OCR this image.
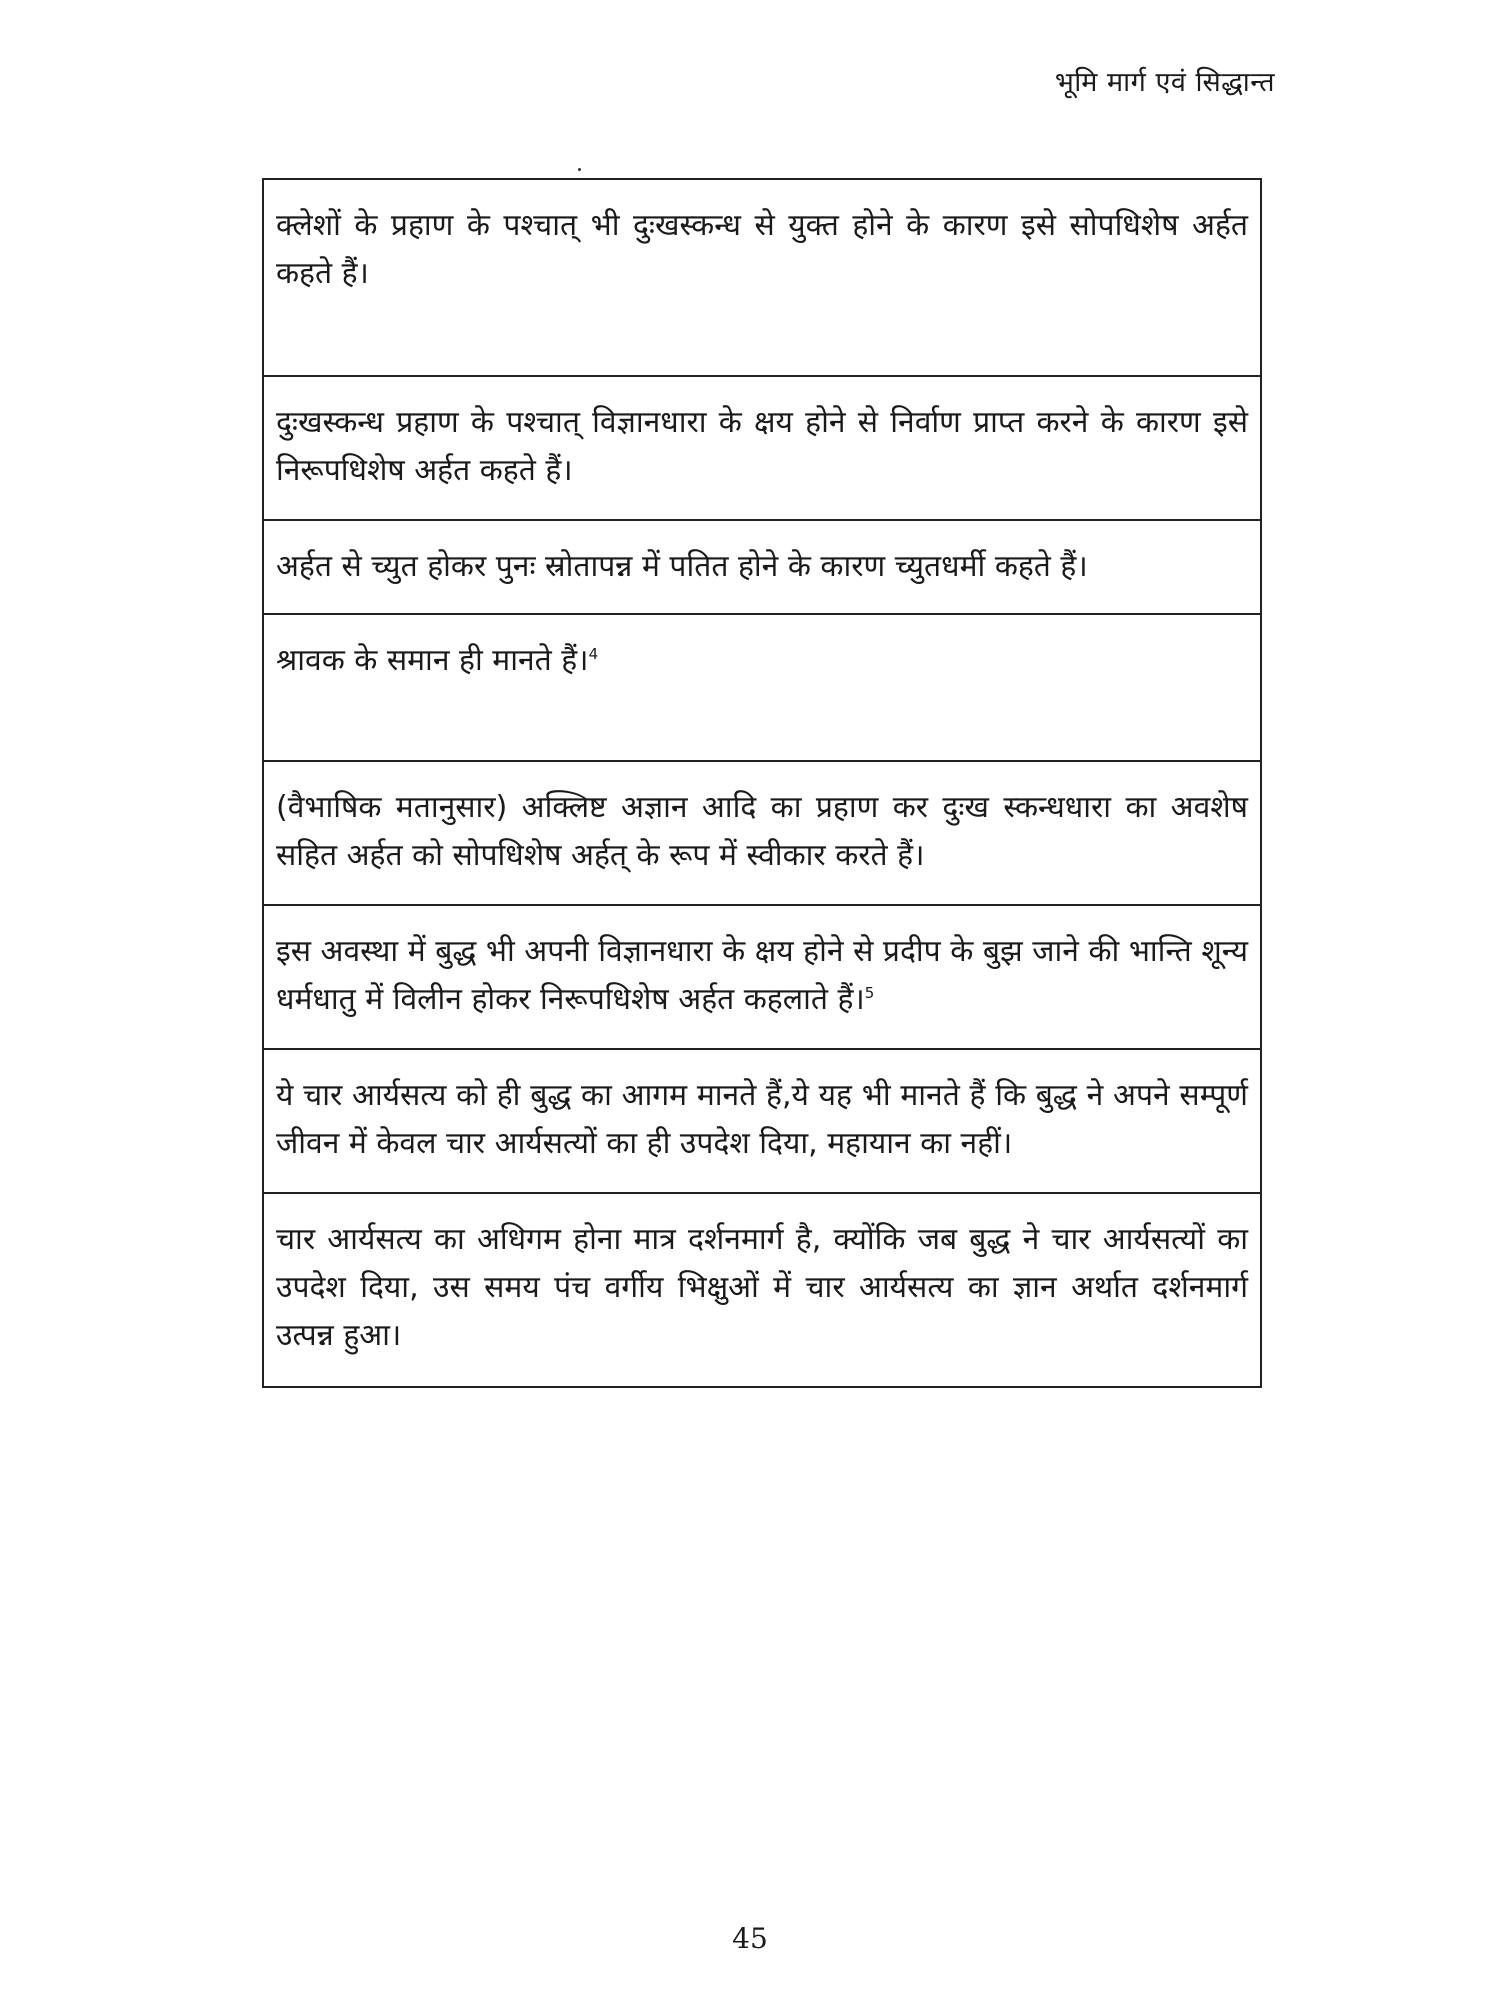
भूमि मार्ग एवं सिद्धान्त
क्लेशों के प्रहाण के पश्चात् भी दुःखस्कन्ध से युक्त होने के कारण इसे सोपधिशेष अर्हत कहते हैं।
दुःखस्कन्ध प्रहाण के पश्चात् विज्ञानधारा के क्षय होने से निर्वाण प्राप्त करने के कारण इसे निरूपधिशेष अर्हत कहते हैं।
अर्हत से च्युत होकर पुनः स्रोतापन्न में पतित होने के कारण च्युतधर्मी कहते हैं।
श्रावक के समान ही मानते हैं।$^4$
(वैभाषिक मतानुसार) अक्लिष्ट अज्ञान आदि का प्रहाण कर दुःख स्कन्धधारा का अवशेष सहित अर्हत को सोपधिशेष अर्हत् के रूप में स्वीकार करते हैं।
इस अवस्था में बुद्ध भी अपनी विज्ञानधारा के क्षय होने से प्रदीप के बुझ जाने की भान्ति शून्य धर्मधातु में विलीन होकर निरूपधिशेष अर्हत कहलाते हैं।$^5$
ये चार आर्यसत्य को ही बुद्ध का आगम मानते हैं,ये यह भी मानते हैं कि बुद्ध ने अपने सम्पूर्ण जीवन में केवल चार आर्यसत्यों का ही उपदेश दिया, महायान का नहीं।
चार आर्यसत्य का अधिगम होना मात्र दर्शनमार्ग है, क्योंकि जब बुद्ध ने चार आर्यसत्यों का उपदेश दिया, उस समय पंच वर्गीय भिक्षुओं में चार आर्यसत्य का ज्ञान अर्थात दर्शनमार्ग उत्पन्न हुआ।
45
